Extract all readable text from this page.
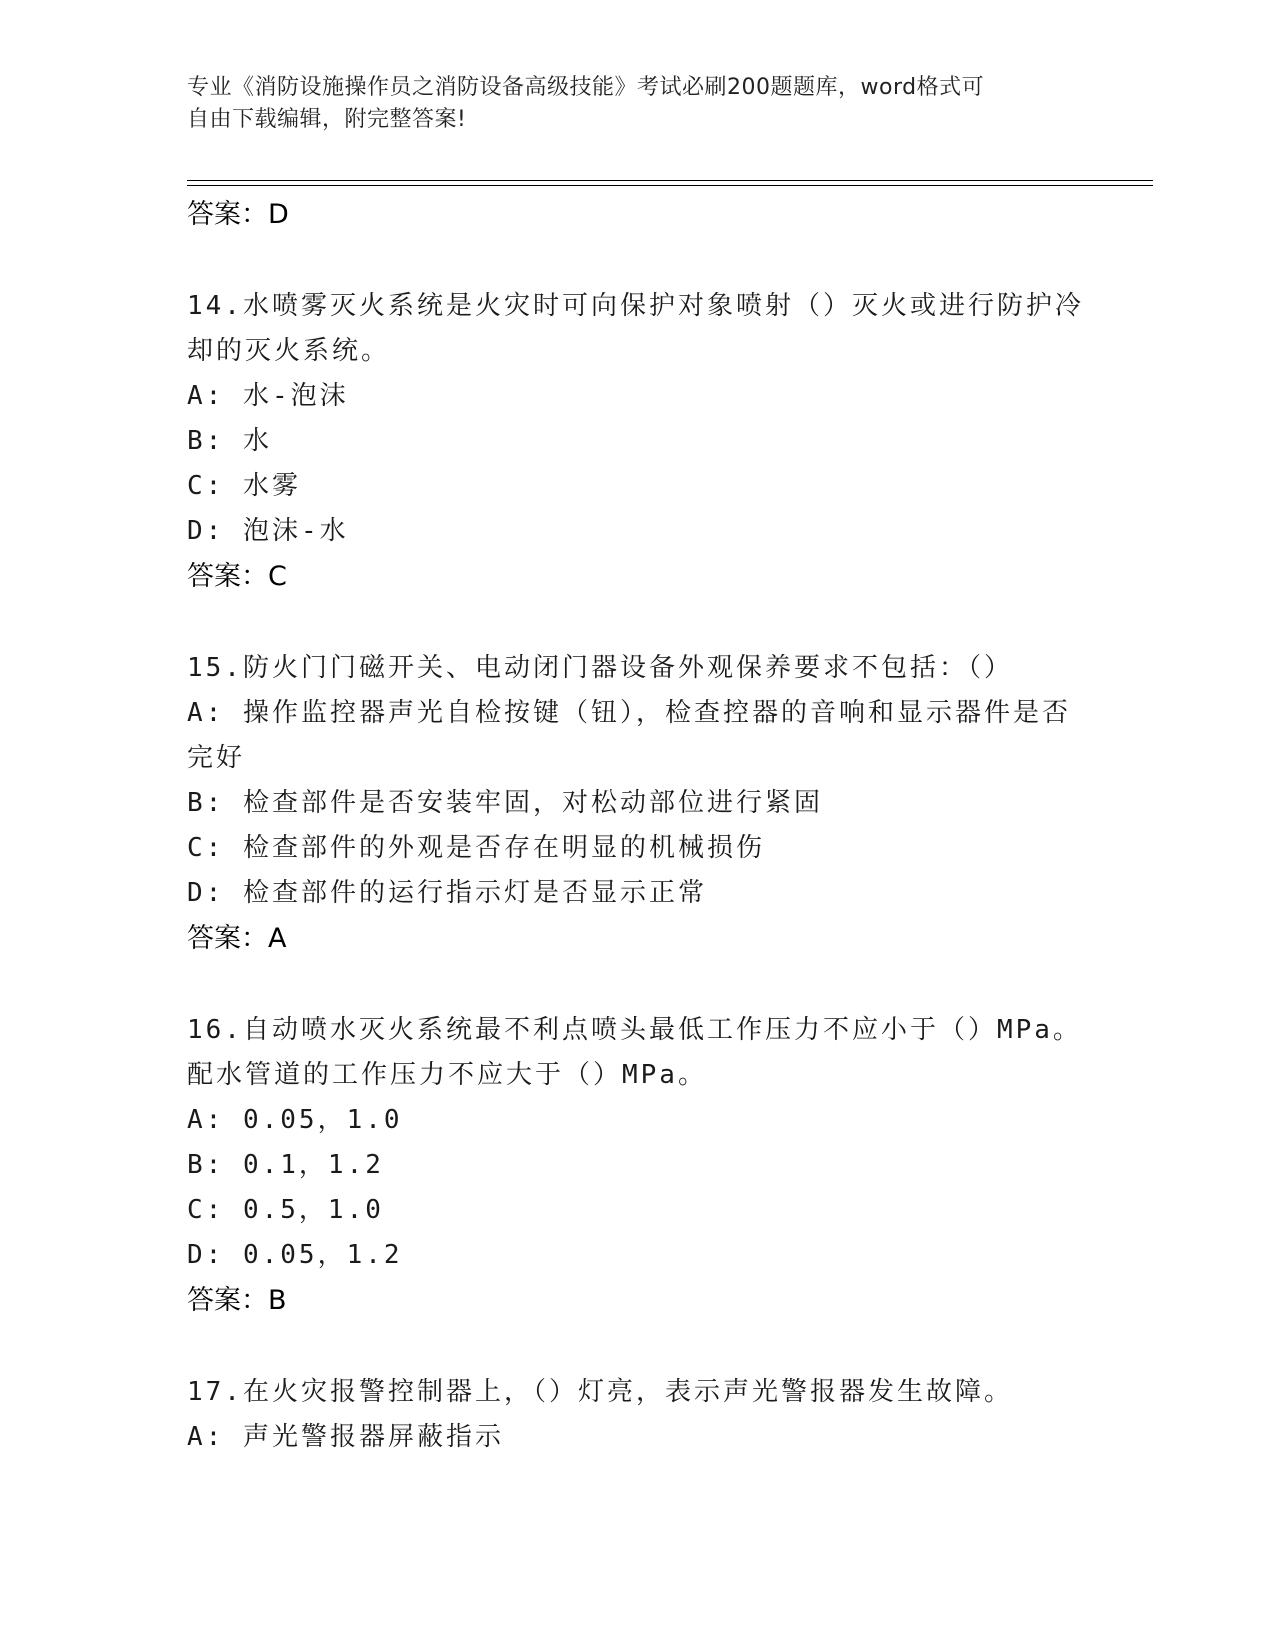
专业《消防设施操作员之消防设备高级技能》考试必刷200题题库，word格式可
自由下载编辑，附完整答案!
答案：D
14.水喷雾灭火系统是火灾时可向保护对象喷射（）灭火或进行防护冷
却的灭火系统。
A: 水-泡沫
B: 水
C: 水雾
D: 泡沫-水
答案：C
15.防火门门磁开关、电动闭门器设备外观保养要求不包括：（）
A: 操作监控器声光自检按键（钮），检查控器的音响和显示器件是否
完好
B: 检查部件是否安装牢固，对松动部位进行紧固
C: 检查部件的外观是否存在明显的机械损伤
D: 检查部件的运行指示灯是否显示正常
答案：A
16.自动喷水灭火系统最不利点喷头最低工作压力不应小于（）MPa。
配水管道的工作压力不应大于（）MPa。
A: 0.05，1.0
B: 0.1，1.2
C: 0.5，1.0
D: 0.05，1.2
答案：B
17.在火灾报警控制器上，（）灯亮，表示声光警报器发生故障。
A: 声光警报器屏蔽指示
